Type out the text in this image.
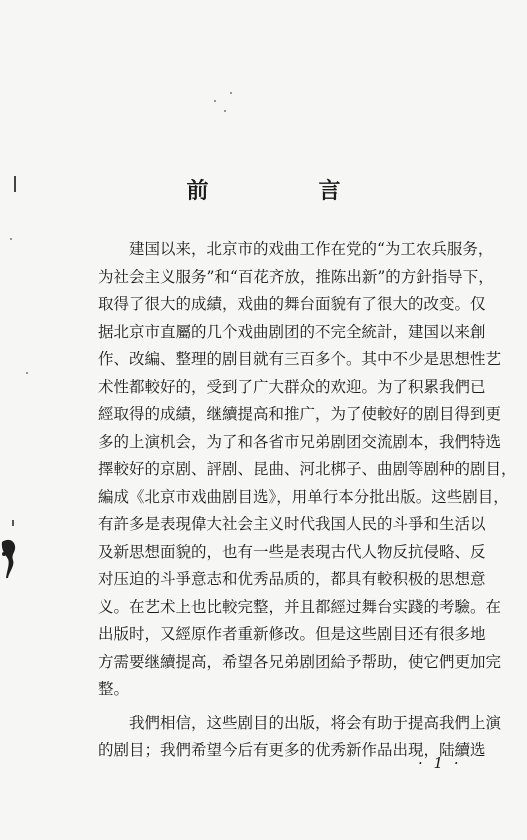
前　言
建国以来，北京市的戏曲工作在党的“为工农兵服务，
为社会主义服务”和“百花齐放，推陈出新”的方針指导下，
取得了很大的成績，戏曲的舞台面貌有了很大的改变。仅
据北京市直屬的几个戏曲剧团的不完全統計，建国以来創
作、改編、整理的剧目就有三百多个。其中不少是思想性艺
术性都較好的，受到了广大群众的欢迎。为了积累我們已
經取得的成績，继續提高和推广，为了使較好的剧目得到更
多的上演机会，为了和各省市兄弟剧团交流剧本，我們特选
擇較好的京剧、評剧、昆曲、河北梆子、曲剧等剧种的剧目，
編成《北京市戏曲剧目选》，用单行本分批出版。这些剧目，
有許多是表現偉大社会主义时代我国人民的斗爭和生活以
及新思想面貌的，也有一些是表現古代人物反抗侵略、反
对压迫的斗爭意志和优秀品质的，都具有較积极的思想意
义。在艺术上也比較完整，并且都經过舞台实踐的考驗。在
出版时，又經原作者重新修改。但是这些剧目还有很多地
方需要继續提高，希望各兄弟剧团給予帮助，使它們更加完
整。
我們相信，这些剧目的出版，将会有助于提高我們上演
的剧目；我們希望今后有更多的优秀新作品出現，陆續选
· 1 ·
